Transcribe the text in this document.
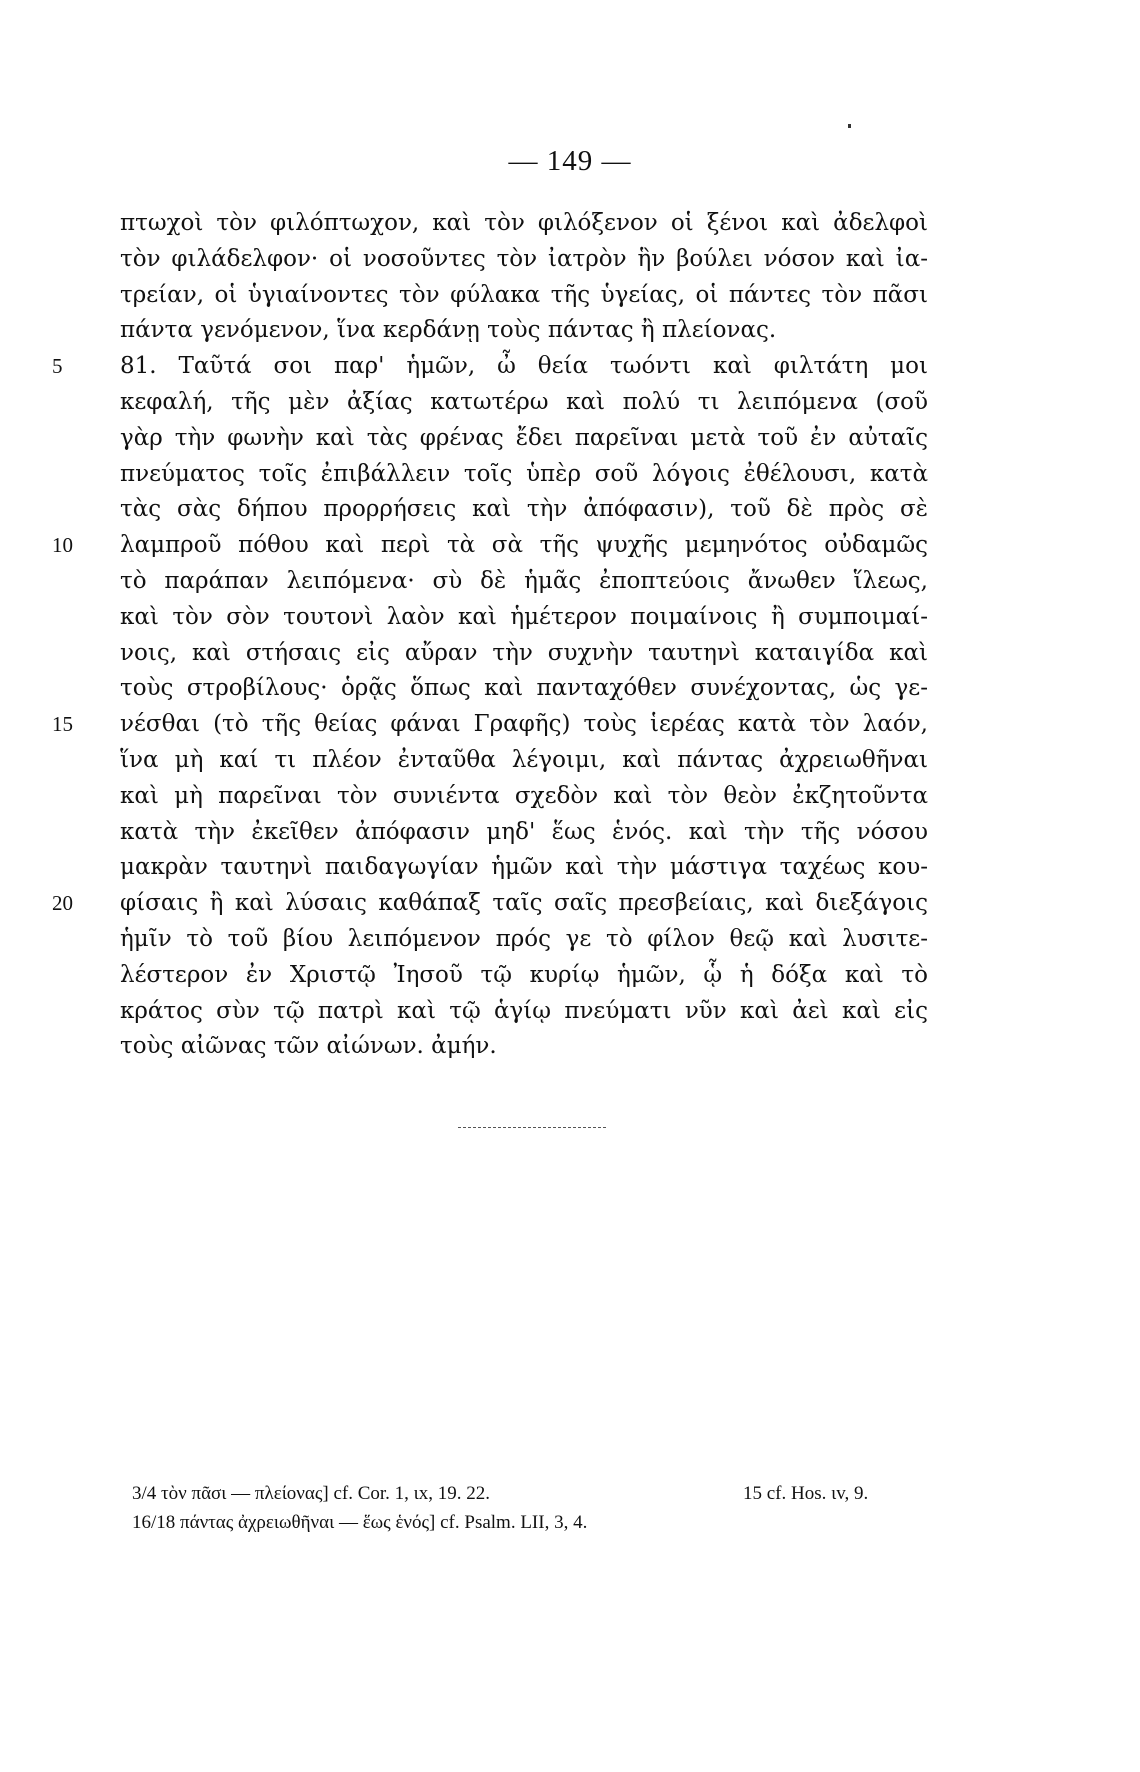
— 149 —
πτωχοὶ τὸν φιλόπτωχον, καὶ τὸν φιλόξενον οἱ ξένοι καὶ ἀδελφοὶ
τὸν φιλάδελφον· οἱ νοσοῦντες τὸν ἰατρὸν ἣν βούλει νόσον καὶ ἰα-
τρείαν, οἱ ὑγιαίνοντες τὸν φύλακα τῆς ὑγείας, οἱ πάντες τὸν πᾶσι
πάντα γενόμενον, ἵνα κερδάνῃ τοὺς πάντας ἢ πλείονας.
5	81. Ταῦτά σοι παρ' ἡμῶν, ὦ θεία τωόντι καὶ φιλτάτη μοι
κεφαλή, τῆς μὲν ἀξίας κατωτέρω καὶ πολύ τι λειπόμενα (σοῦ
γὰρ τὴν φωνὴν καὶ τὰς φρένας ἔδει παρεῖναι μετὰ τοῦ ἐν αὐταῖς
πνεύματος τοῖς ἐπιβάλλειν τοῖς ὑπὲρ σοῦ λόγοις ἐθέλουσι, κατὰ
τὰς σὰς δήπου προρρήσεις καὶ τὴν ἀπόφασιν), τοῦ δὲ πρὸς σὲ
10	λαμπροῦ πόθου καὶ περὶ τὰ σὰ τῆς ψυχῆς μεμηνότος οὐδαμῶς
τὸ παράπαν λειπόμενα· σὺ δὲ ἡμᾶς ἐποπτεύοις ἄνωθεν ἵλεως,
καὶ τὸν σὸν τουτονὶ λαὸν καὶ ἡμέτερον ποιμαίνοις ἢ συμποιμαί-
νοις, καὶ στήσαις εἰς αὔραν τὴν συχνὴν ταυτηνὶ καταιγίδα καὶ
τοὺς στροβίλους· ὁρᾷς ὅπως καὶ πανταχόθεν συνέχοντας, ὡς γε-
15	νέσθαι (τὸ τῆς θείας φάναι Γραφῆς) τοὺς ἱερέας κατὰ τὸν λαόν,
ἵνα μὴ καί τι πλέον ἐνταῦθα λέγοιμι, καὶ πάντας ἀχρειωθῆναι
καὶ μὴ παρεῖναι τὸν συνιέντα σχεδὸν καὶ τὸν θεὸν ἐκζητοῦντα
κατὰ τὴν ἐκεῖθεν ἀπόφασιν μηδ' ἕως ἑνός. καὶ τὴν τῆς νόσου
μακρὰν ταυτηνὶ παιδαγωγίαν ἡμῶν καὶ τὴν μάστιγα ταχέως κου-
20	φίσαις ἢ καὶ λύσαις καθάπαξ ταῖς σαῖς πρεσβείαις, καὶ διεξάγοις
ἡμῖν τὸ τοῦ βίου λειπόμενον πρός γε τὸ φίλον θεῷ καὶ λυσιτε-
λέστερον ἐν Χριστῷ Ἰησοῦ τῷ κυρίῳ ἡμῶν, ᾧ ἡ δόξα καὶ τὸ
κράτος σὺν τῷ πατρὶ καὶ τῷ ἁγίῳ πνεύματι νῦν καὶ ἀεὶ καὶ εἰς
τοὺς αἰῶνας τῶν αἰώνων. ἀμήν.
3/4 τὸν πᾶσι — πλείονας] cf. Cor. 1, ιx, 19. 22.	15 cf. Hos. ιv, 9.
16/18 πάντας ἀχρειωθῆναι — ἕως ἑνός] cf. Psalm. LII, 3, 4.
